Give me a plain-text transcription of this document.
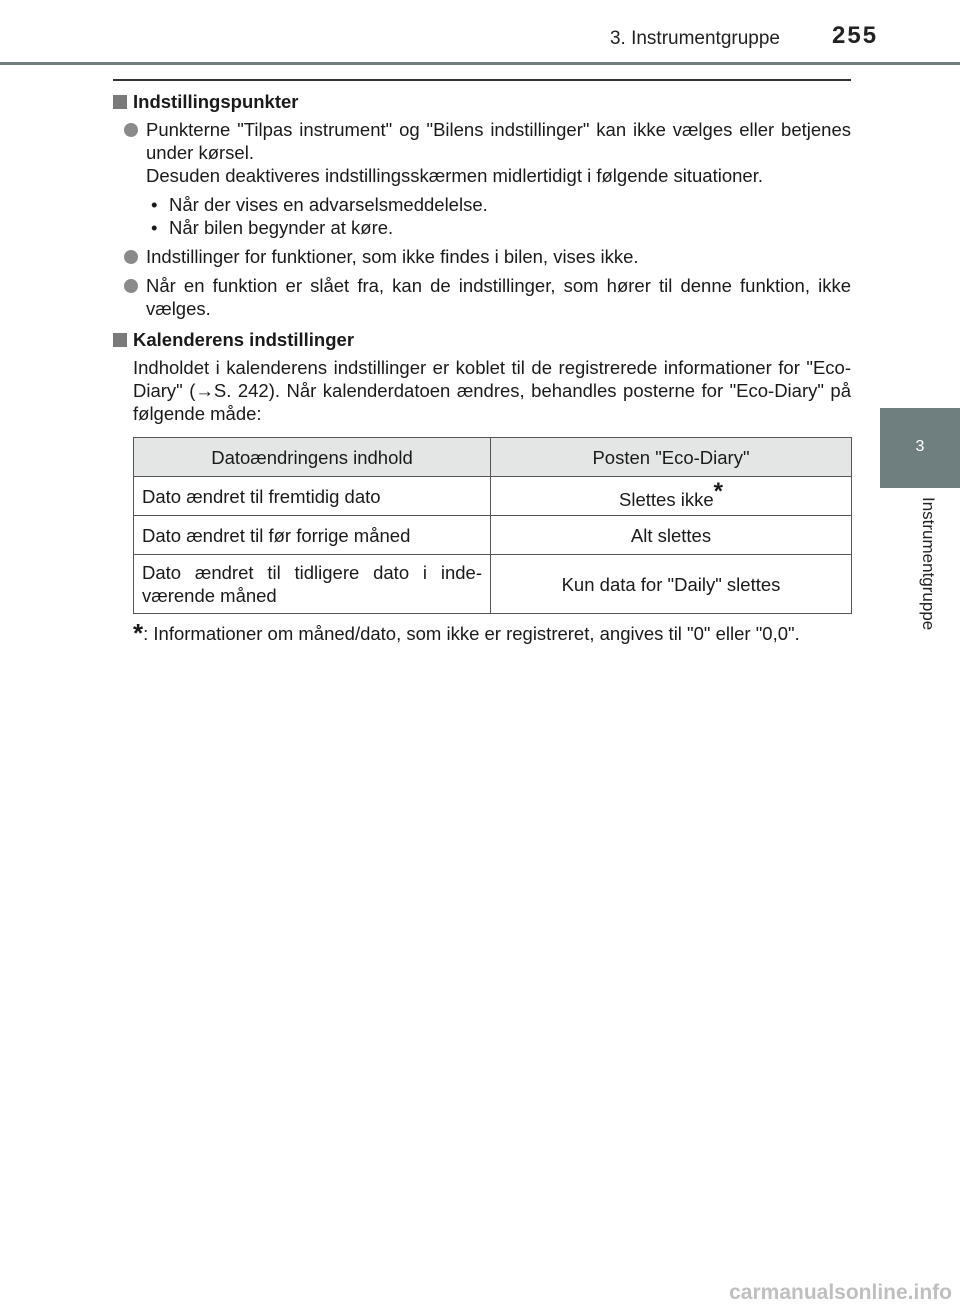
3. Instrumentgruppe 255
3
Instrumentgruppe
Indstillingspunkter
Punkterne "Tilpas instrument" og "Bilens indstillinger" kan ikke vælges eller betjenes under kørsel.
Desuden deaktiveres indstillingsskærmen midlertidigt i følgende situationer.
• Når der vises en advarselsmeddelelse.
• Når bilen begynder at køre.
Indstillinger for funktioner, som ikke findes i bilen, vises ikke.
Når en funktion er slået fra, kan de indstillinger, som hører til denne funktion, ikke vælges.
Kalenderens indstillinger
Indholdet i kalenderens indstillinger er koblet til de registrerede informationer for "Eco-Diary" (→S. 242). Når kalenderdatoen ændres, behandles posterne for "Eco-Diary" på følgende måde:
Datoændringens indhold	Posten "Eco-Diary"
Dato ændret til fremtidig dato	Slettes ikke*
Dato ændret til før forrige måned	Alt slettes
Dato ændret til tidligere dato i inde-værende måned	Kun data for "Daily" slettes
* : Informationer om måned/dato, som ikke er registreret, angives til "0" eller "0,0".
carmanualsonline.info
